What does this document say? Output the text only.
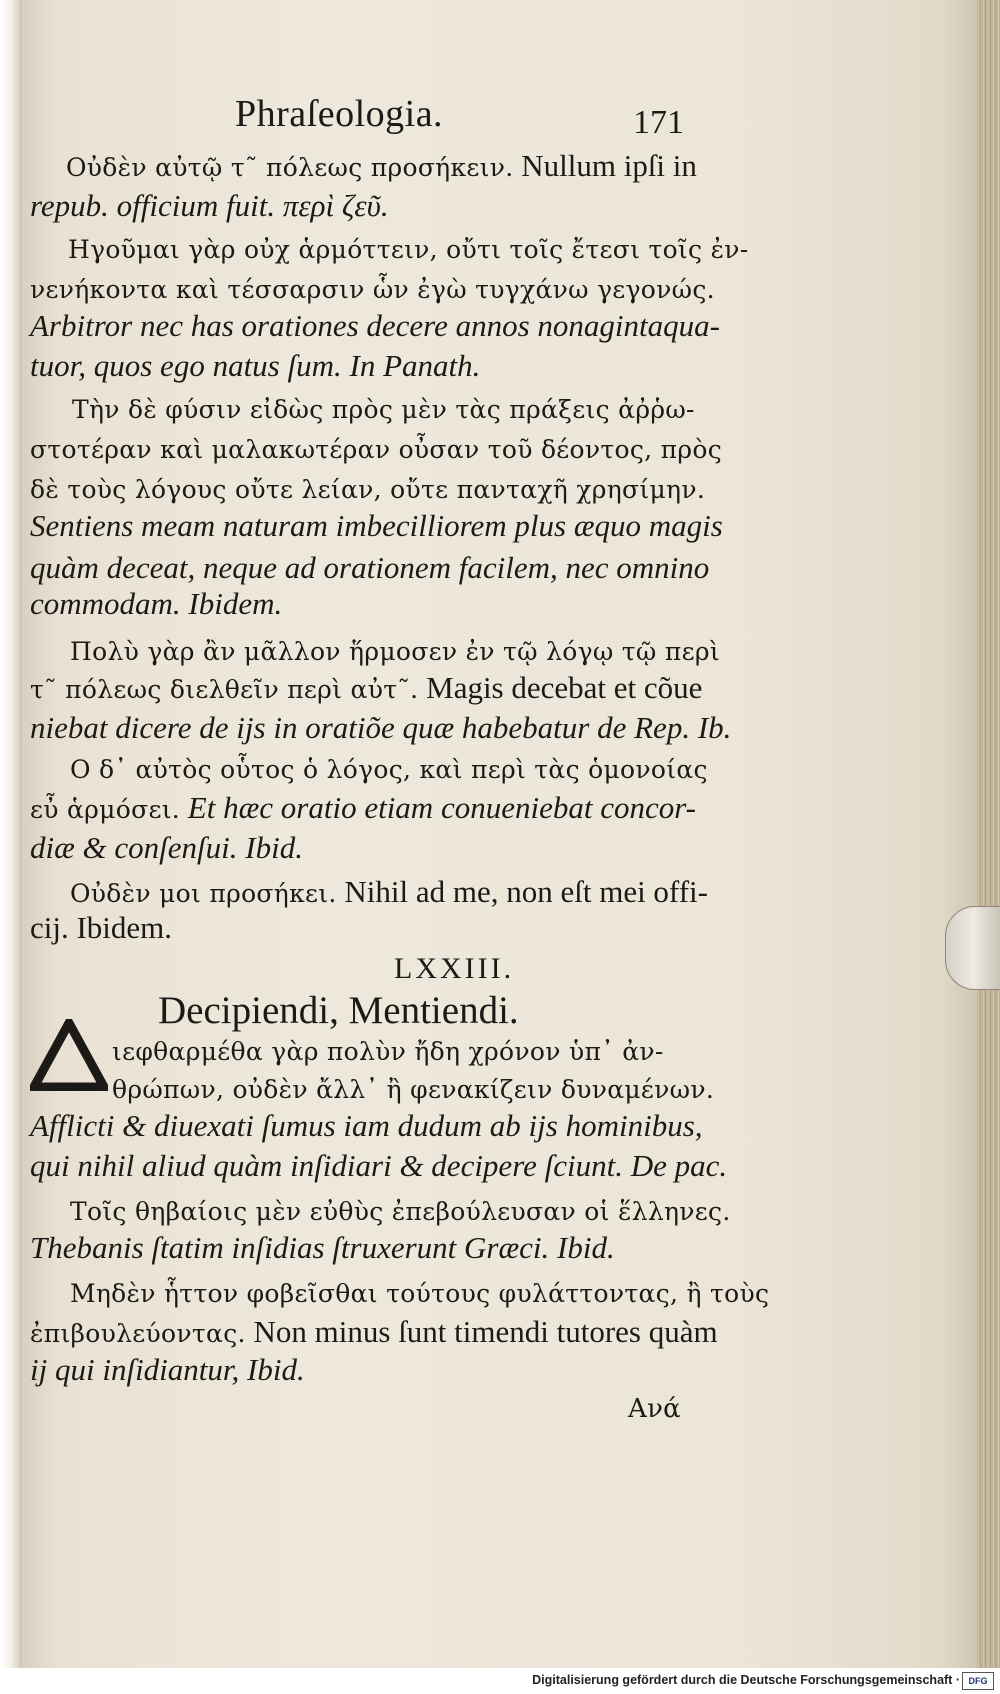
Phraſeologia.	171
Οὐδὲν αὐτῷ τ῀ πόλεως προσήκειν. Nullum ipſi in
repub. officium fuit. περὶ ζεῦ.
Ηγοῦμαι γὰρ οὐχ ἁρμόττειν, οὔτι τοῖς ἔτεσι τοῖς ἐν-
νενήκοντα καὶ τέσσαρσιν ὧν ἐγὼ τυγχάνω γεγονώς.
Arbitror nec has orationes decere annos nonagintaqua-
tuor, quos ego natus ſum. In Panath.
Τὴν δὲ φύσιν εἰδὼς πρὸς μὲν τὰς πράξεις ἀῤῥω-
στοτέραν καὶ μαλακωτέραν οὖσαν τοῦ δέοντος, πρὸς
δὲ τοὺς λόγους οὔτε λείαν, οὔτε πανταχῆ χρησίμην.
Sentiens meam naturam imbecilliorem plus æquo magis
quàm deceat, neque ad orationem facilem, nec omnino
commodam. Ibidem.
Πολὺ γὰρ ἂν μᾶλλον ἥρμοσεν ἐν τῷ λόγῳ τῷ περὶ
τ῀ πόλεως διελθεῖν περὶ αὐτ῀. Magis decebat et cõue
niebat dicere de ijs in oratiõe quæ habebatur de Rep. Ib.
Ο δ᾽ αὐτὸς οὗτος ὁ λόγος, καὶ περὶ τὰς ὁμονοίας
εὖ ἁρμόσει. Et hæc oratio etiam conueniebat concor-
diæ & conſenſui. Ibid.
Οὐδὲν μοι προσήκει. Nihil ad me, non eſt mei offi-
cij. Ibidem.
LXXIII.
Decipiendi, Mentiendi.
ιεφθαρμέθα γὰρ πολὺν ἤδη χρόνον ὑπ᾽ ἀν-
θρώπων, οὐδὲν ἄλλ᾽ ἢ φενακίζειν δυναμένων.
Afflicti & diuexati ſumus iam dudum ab ijs hominibus,
qui nihil aliud quàm inſidiari & decipere ſciunt. De pac.
Τοῖς θηβαίοις μὲν εὐθὺς ἐπεβούλευσαν οἱ ἕλληνες.
Thebanis ſtatim inſidias ſtruxerunt Græci. Ibid.
Μηδὲν ἧττον φοβεῖσθαι τούτους φυλάττοντας, ἢ τοὺς
ἐπιβουλεύοντας. Non minus ſunt timendi tutores quàm
ij qui inſidiantur, Ibid.
Ανά
Digitalisierung gefördert durch die Deutsche Forschungsgemeinschaft · DFG
